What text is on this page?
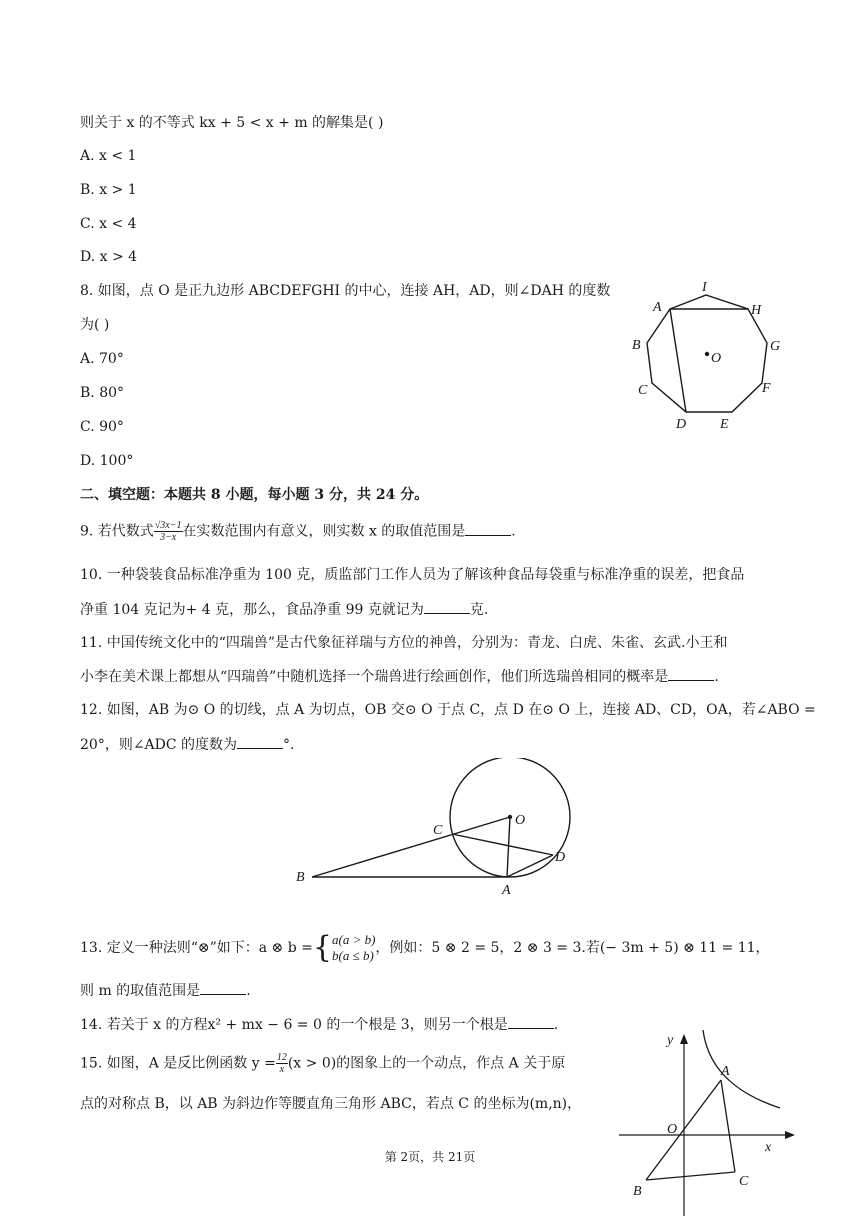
则关于 x 的不等式 kx + 5 < x + m 的解集是( )
A. x < 1
B. x > 1
C. x < 4
D. x > 4
8. 如图，点 O 是正九边形 ABCDEFGHI 的中心，连接 AH，AD，则∠DAH 的度数
为( )
A. 70°
B. 80°
C. 90°
D. 100°
A
I
H
B	G
C	F
D E
O
二、填空题：本题共 8 小题，每小题 3 分，共 24 分。
9. 若代数式 $\frac{√3x-1}{3-x}$ 在实数范围内有意义，则实数 x 的取值范围是	.
10. 一种袋装食品标准净重为 100 克，质监部门工作人员为了解该种食品每袋重与标准净重的误差，把食品
净重 104 克记为+ 4 克，那么，食品净重 99 克就记为	克.
11. 中国传统文化中的“四瑞兽”是古代象征祥瑞与方位的神兽，分别为：青龙、白虎、朱雀、玄武.小王和
小李在美术课上都想从“四瑞兽”中随机选择一个瑞兽进行绘画创作，他们所选瑞兽相同的概率是	.
12. 如图，AB 为⊙ O 的切线，点 A 为切点，OB 交⊙ O 于点 C，点 D 在⊙ O 上，连接 AD、CD，OA，若∠ABO =
20°，则∠ADC 的度数为	°.
O
C
D
B
A
13. 定义一种法则“⊗”如下：a ⊗ b ={ a(a > b)
b(a ≤ b) ，例如：5 ⊗ 2 = 5，2 ⊗ 3 = 3.若(− 3m + 5) ⊗ 11 = 11，
则 m 的取值范围是	.
14. 若关于 x 的方程x² + mx − 6 = 0 的一个根是 3，则另一个根是	.
15. 如图，A 是反比例函数 $y = \frac{12}{x} (x > 0)$的图象上的一个动点，作点 A 关于原
点的对称点 B，以 AB 为斜边作等腰直角三角形 ABC，若点 C 的坐标为(m,n)，
y
A
O
x
B
C
第 2页，共 21页
